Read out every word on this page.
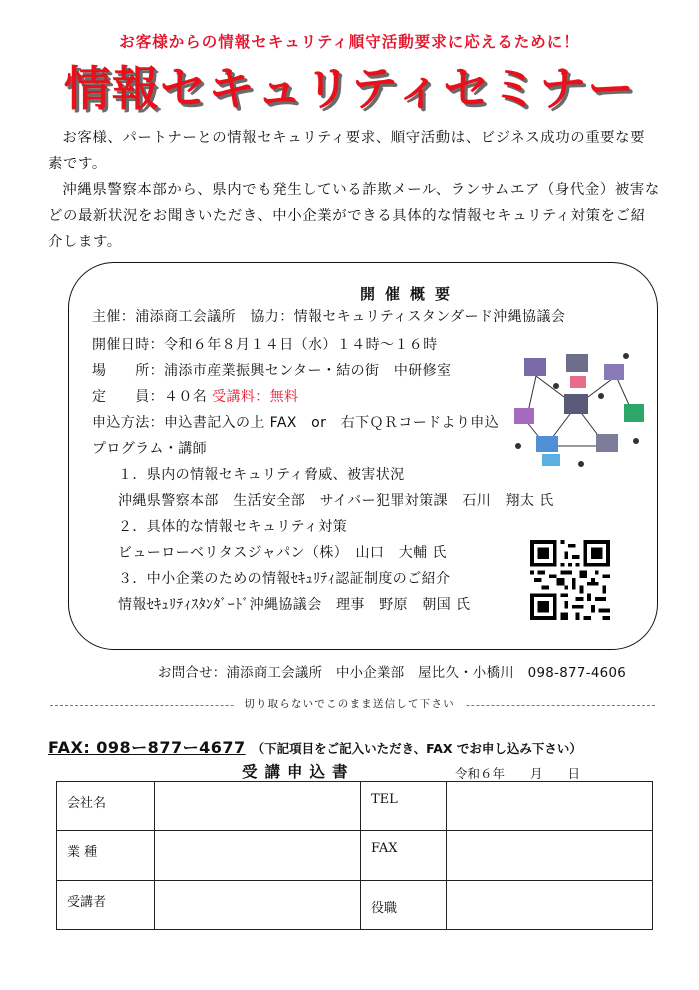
お客様からの情報セキュリティ順守活動要求に応えるために！
情報セキュリティセミナー

お客様、パートナーとの情報セキュリティ要求、順守活動は、ビジネス成功の重要な要素です。

沖縄県警察本部から、県内でも発生している詐欺メール、ランサムエア（身代金）被害などの最新状況をお聞きいただき、中小企業ができる具体的な情報セキュリティ対策をご紹介します。

開催概要
主催：浦添商工会議所　協力：情報セキュリティスタンダード沖縄協議会
開催日時：令和６年８月１４日（水）１４時～１６時
場　　所：浦添市産業振興センター・結の街　中研修室
定　　員：４０名 受講料：無料
申込方法：申込書記入の上 FAX　or　右下ＱＲコードより申込
プログラム・講師
１．県内の情報セキュリティ脅威、被害状況
沖縄県警察本部　生活安全部　サイバー犯罪対策課　石川　翔太 氏
２．具体的な情報セキュリティ対策
ビューローベリタスジャパン（株）　山口　大輔 氏
３．中小企業のための情報ｾｷｭﾘﾃｨ認証制度のご紹介
情報ｾｷｭﾘﾃｨｽﾀﾝﾀﾞｰﾄﾞ沖縄協議会　理事　野原　朝国 氏
お問合せ：浦添商工会議所　中小企業部　屋比久・小橋川　098-877-4606
切り取らないでこのまま送信して下さい
FAX: 098ー877ー4677 （下記項目をご記入いただき、FAX でお申し込み下さい）
受講申込書	令和６年　　月　　日
会社名		TEL	
業 種		FAX	
受講者		役職	
